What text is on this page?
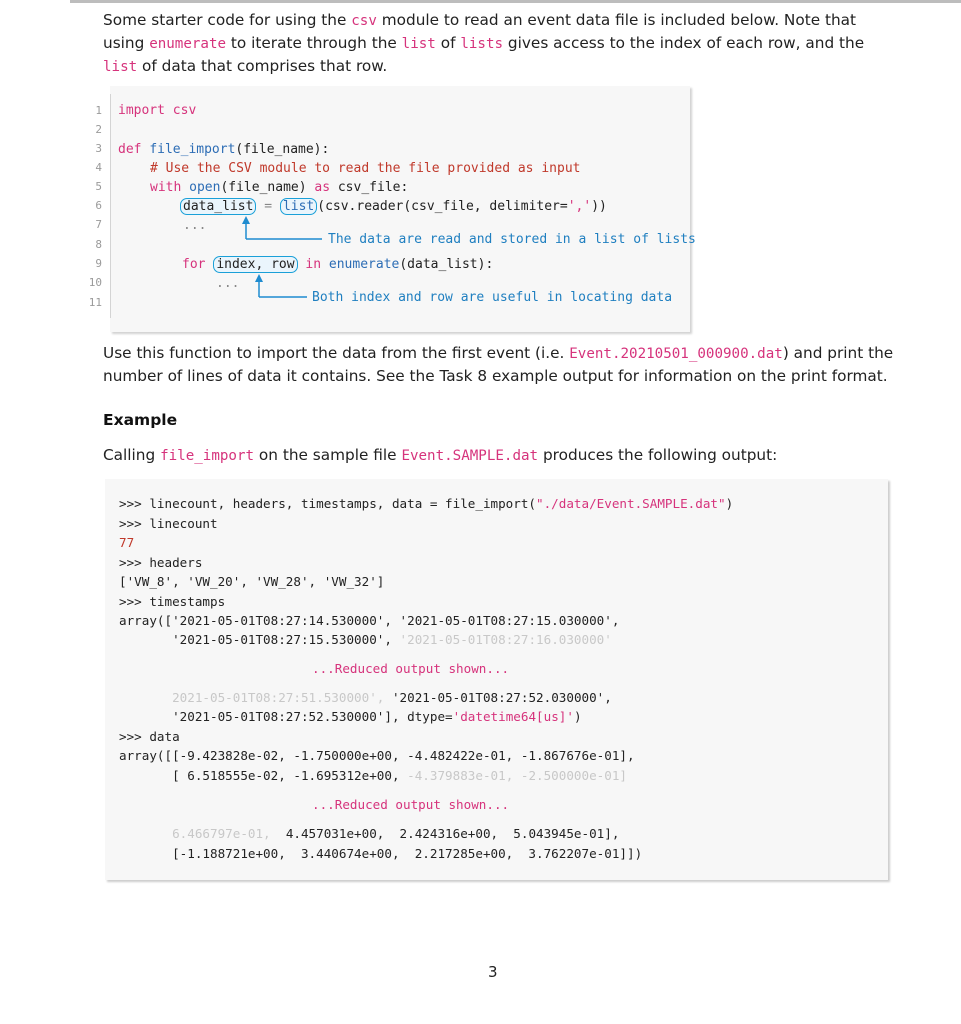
Some starter code for using the csv module to read an event data file is included below. Note that using enumerate to iterate through the list of lists gives access to the index of each row, and the list of data that comprises that row.
1
2
3
4
5
6
7
8
9
10
11
import csv
def file_import(file_name):
# Use the CSV module to read the file provided as input
with open(file_name) as csv_file:
data_list = list (csv.reader(csv_file, delimiter=','))
...
The data are read and stored in a list of lists
for index, row in enumerate(data_list):
...
Both index and row are useful in locating data
Use this function to import the data from the first event (i.e. Event.20210501_000900.dat) and print the number of lines of data it contains. See the Task 8 example output for information on the print format.
Example
Calling file_import on the sample file Event.SAMPLE.dat produces the following output:
>>> linecount, headers, timestamps, data = file_import("./data/Event.SAMPLE.dat")
>>> linecount
77
>>> headers
['VW_8', 'VW_20', 'VW_28', 'VW_32']
>>> timestamps
array(['2021-05-01T08:27:14.530000', '2021-05-01T08:27:15.030000',
'2021-05-01T08:27:15.530000', '2021-05-01T08:27:16.030000'
...Reduced output shown...
2021-05-01T08:27:51.530000', '2021-05-01T08:27:52.030000',
'2021-05-01T08:27:52.530000'], dtype='datetime64[us]')
>>> data
array([[-9.423828e-02, -1.750000e+00, -4.482422e-01, -1.867676e-01],
[ 6.518555e-02, -1.695312e+00, -4.379883e-01, -2.500000e-01]
...Reduced output shown...
6.466797e-01,  4.457031e+00,  2.424316e+00,  5.043945e-01],
[-1.188721e+00,  3.440674e+00,  2.217285e+00,  3.762207e-01]])
3
